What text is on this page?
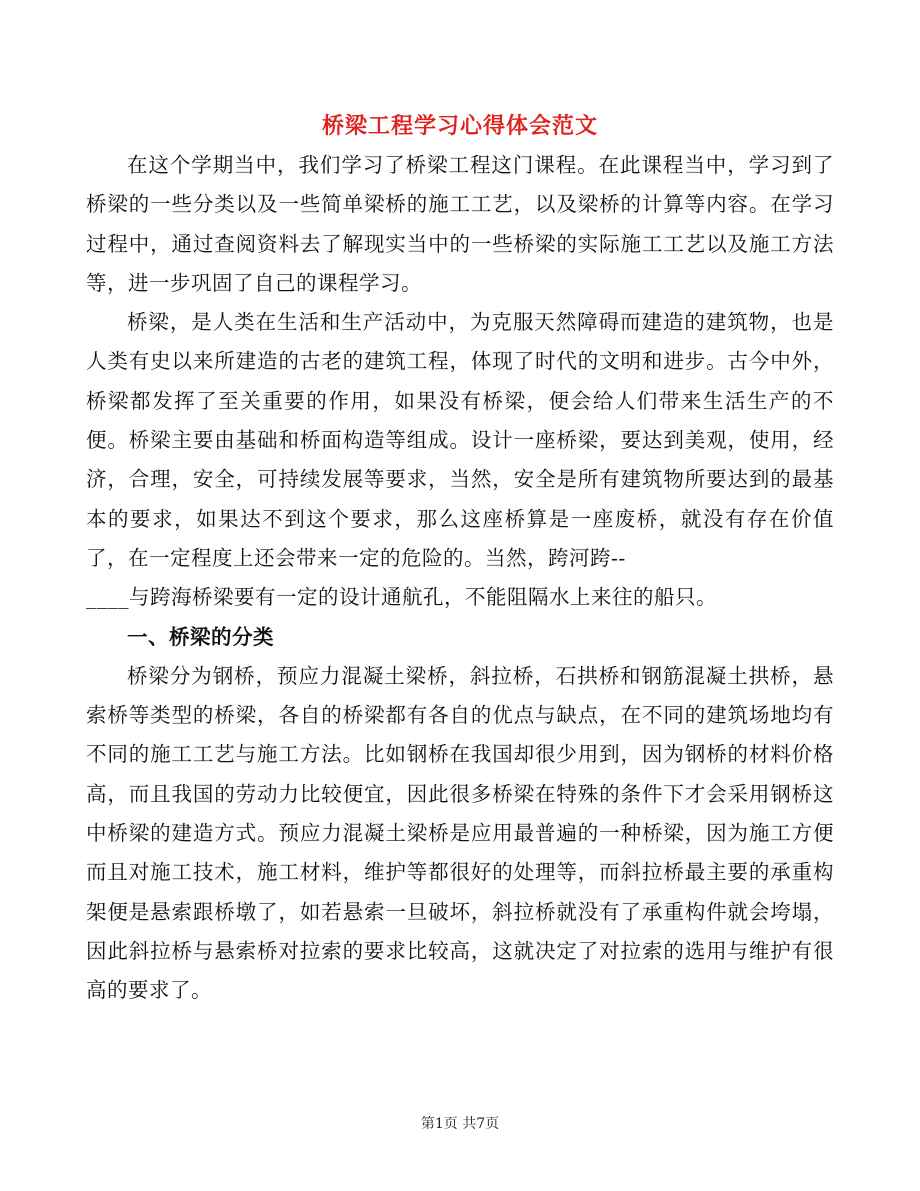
桥梁工程学习心得体会范文

在这个学期当中，我们学习了桥梁工程这门课程。在此课程当中，学习到了桥梁的一些分类以及一些简单梁桥的施工工艺，以及梁桥的计算等内容。在学习过程中，通过查阅资料去了解现实当中的一些桥梁的实际施工工艺以及施工方法等，进一步巩固了自己的课程学习。

桥梁，是人类在生活和生产活动中，为克服天然障碍而建造的建筑物，也是人类有史以来所建造的古老的建筑工程，体现了时代的文明和进步。古今中外，桥梁都发挥了至关重要的作用，如果没有桥梁，便会给人们带来生活生产的不便。桥梁主要由基础和桥面构造等组成。设计一座桥梁，要达到美观，使用，经济，合理，安全，可持续发展等要求，当然，安全是所有建筑物所要达到的最基本的要求，如果达不到这个要求，那么这座桥算是一座废桥，就没有存在价值了，在一定程度上还会带来一定的危险的。当然，跨河跨--

____与跨海桥梁要有一定的设计通航孔，不能阻隔水上来往的船只。

一、桥梁的分类

桥梁分为钢桥，预应力混凝土梁桥，斜拉桥，石拱桥和钢筋混凝土拱桥，悬索桥等类型的桥梁，各自的桥梁都有各自的优点与缺点，在不同的建筑场地均有不同的施工工艺与施工方法。比如钢桥在我国却很少用到，因为钢桥的材料价格高，而且我国的劳动力比较便宜，因此很多桥梁在特殊的条件下才会采用钢桥这中桥梁的建造方式。预应力混凝土梁桥是应用最普遍的一种桥梁，因为施工方便而且对施工技术，施工材料，维护等都很好的处理等，而斜拉桥最主要的承重构架便是悬索跟桥墩了，如若悬索一旦破坏，斜拉桥就没有了承重构件就会垮塌，因此斜拉桥与悬索桥对拉索的要求比较高，这就决定了对拉索的选用与维护有很高的要求了。

第1页 共7页
